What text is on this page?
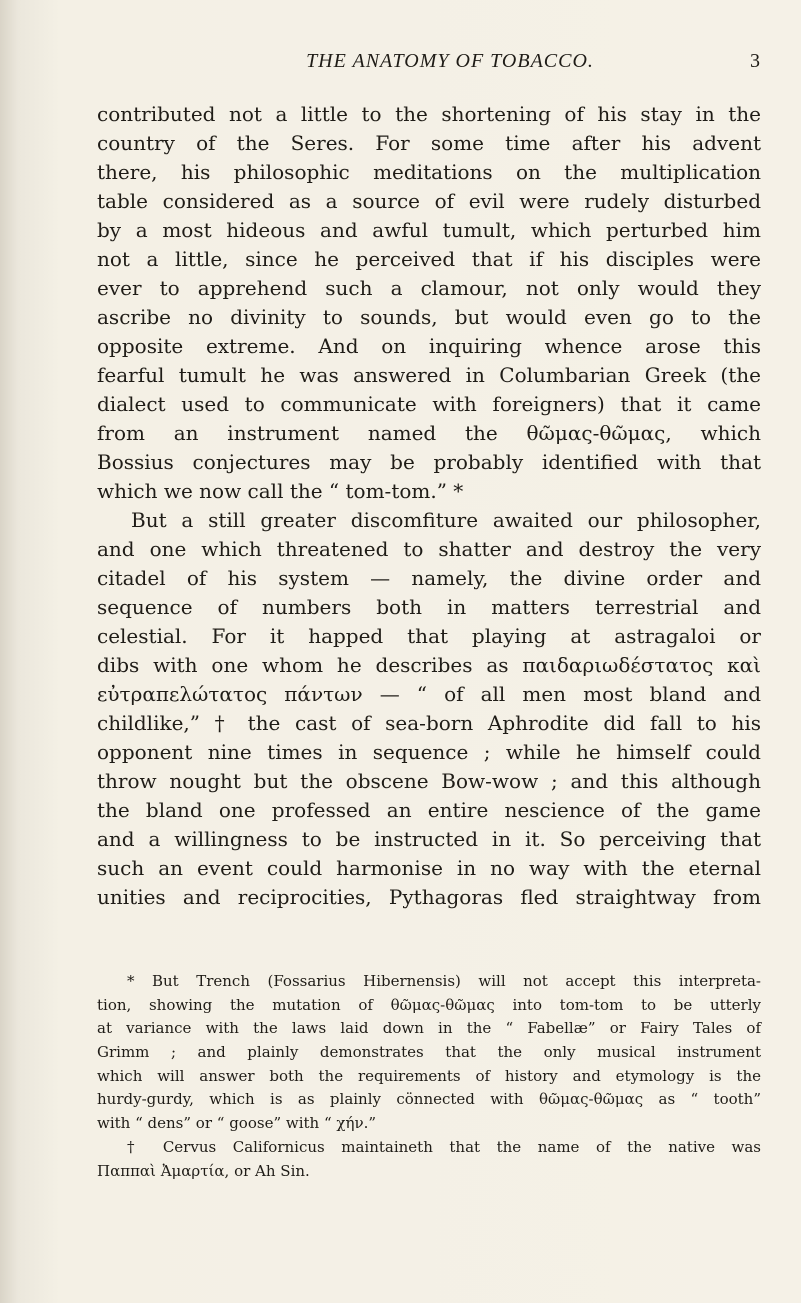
THE ANATOMY OF TOBACCO.	3
contributed not a little to the shortening of his stay in the
country of the Seres. For some time after his advent
there, his philosophic meditations on the multiplication
table considered as a source of evil were rudely disturbed
by a most hideous and awful tumult, which perturbed him
not a little, since he perceived that if his disciples were
ever to apprehend such a clamour, not only would they
ascribe no divinity to sounds, but would even go to the
opposite extreme. And on inquiring whence arose this
fearful tumult he was answered in Columbarian Greek (the
dialect used to communicate with foreigners) that it came
from an instrument named the θῶμας-θῶμας, which
Bossius conjectures may be probably identified with that
which we now call the “ tom-tom.” *
But a still greater discomfiture awaited our philosopher,
and one which threatened to shatter and destroy the very
citadel of his system — namely, the divine order and
sequence of numbers both in matters terrestrial and
celestial. For it happed that playing at astragaloi or
dibs with one whom he describes as παιδαριωδέστατος καὶ
εὐτραπελώτατος πάντων — “ of all men most bland and
childlike,” † the cast of sea-born Aphrodite did fall to his
opponent nine times in sequence ; while he himself could
throw nought but the obscene Bow-wow ; and this although
the bland one professed an entire nescience of the game
and a willingness to be instructed in it. So perceiving that
such an event could harmonise in no way with the eternal
unities and reciprocities, Pythagoras fled straightway from
* But Trench (Fossarius Hibernensis) will not accept this interpreta-
tion, showing the mutation of θῶμας-θῶμας into tom-tom to be utterly
at variance with the laws laid down in the “ Fabellæ” or Fairy Tales of
Grimm ; and plainly demonstrates that the only musical instrument
which will answer both the requirements of history and etymology is the
hurdy-gurdy, which is as plainly cönnected with θῶμας-θῶμας as “ tooth”
with “ dens” or “ goose” with “ χήν.”
† Cervus Californicus maintaineth that the name of the native was
Παππαὶ Ἀμαρτία, or Ah Sin.
